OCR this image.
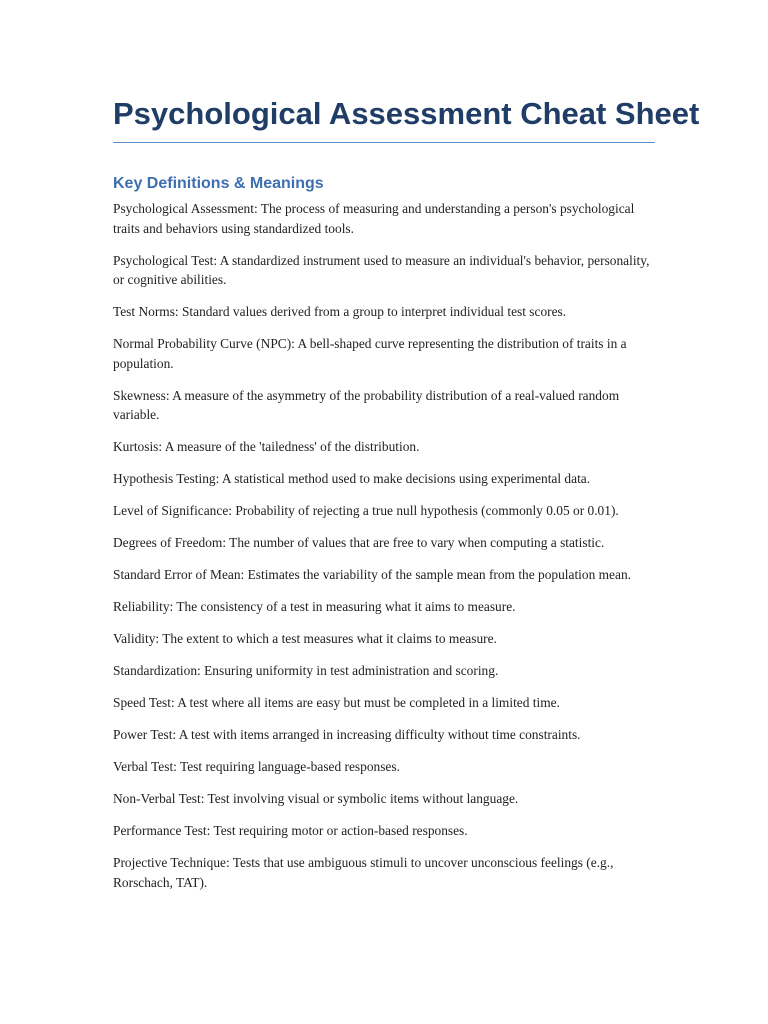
Psychological Assessment Cheat Sheet
Key Definitions & Meanings
Psychological Assessment: The process of measuring and understanding a person's psychological traits and behaviors using standardized tools.
Psychological Test: A standardized instrument used to measure an individual's behavior, personality, or cognitive abilities.
Test Norms: Standard values derived from a group to interpret individual test scores.
Normal Probability Curve (NPC): A bell-shaped curve representing the distribution of traits in a population.
Skewness: A measure of the asymmetry of the probability distribution of a real-valued random variable.
Kurtosis: A measure of the 'tailedness' of the distribution.
Hypothesis Testing: A statistical method used to make decisions using experimental data.
Level of Significance: Probability of rejecting a true null hypothesis (commonly 0.05 or 0.01).
Degrees of Freedom: The number of values that are free to vary when computing a statistic.
Standard Error of Mean: Estimates the variability of the sample mean from the population mean.
Reliability: The consistency of a test in measuring what it aims to measure.
Validity: The extent to which a test measures what it claims to measure.
Standardization: Ensuring uniformity in test administration and scoring.
Speed Test: A test where all items are easy but must be completed in a limited time.
Power Test: A test with items arranged in increasing difficulty without time constraints.
Verbal Test: Test requiring language-based responses.
Non-Verbal Test: Test involving visual or symbolic items without language.
Performance Test: Test requiring motor or action-based responses.
Projective Technique: Tests that use ambiguous stimuli to uncover unconscious feelings (e.g., Rorschach, TAT).
